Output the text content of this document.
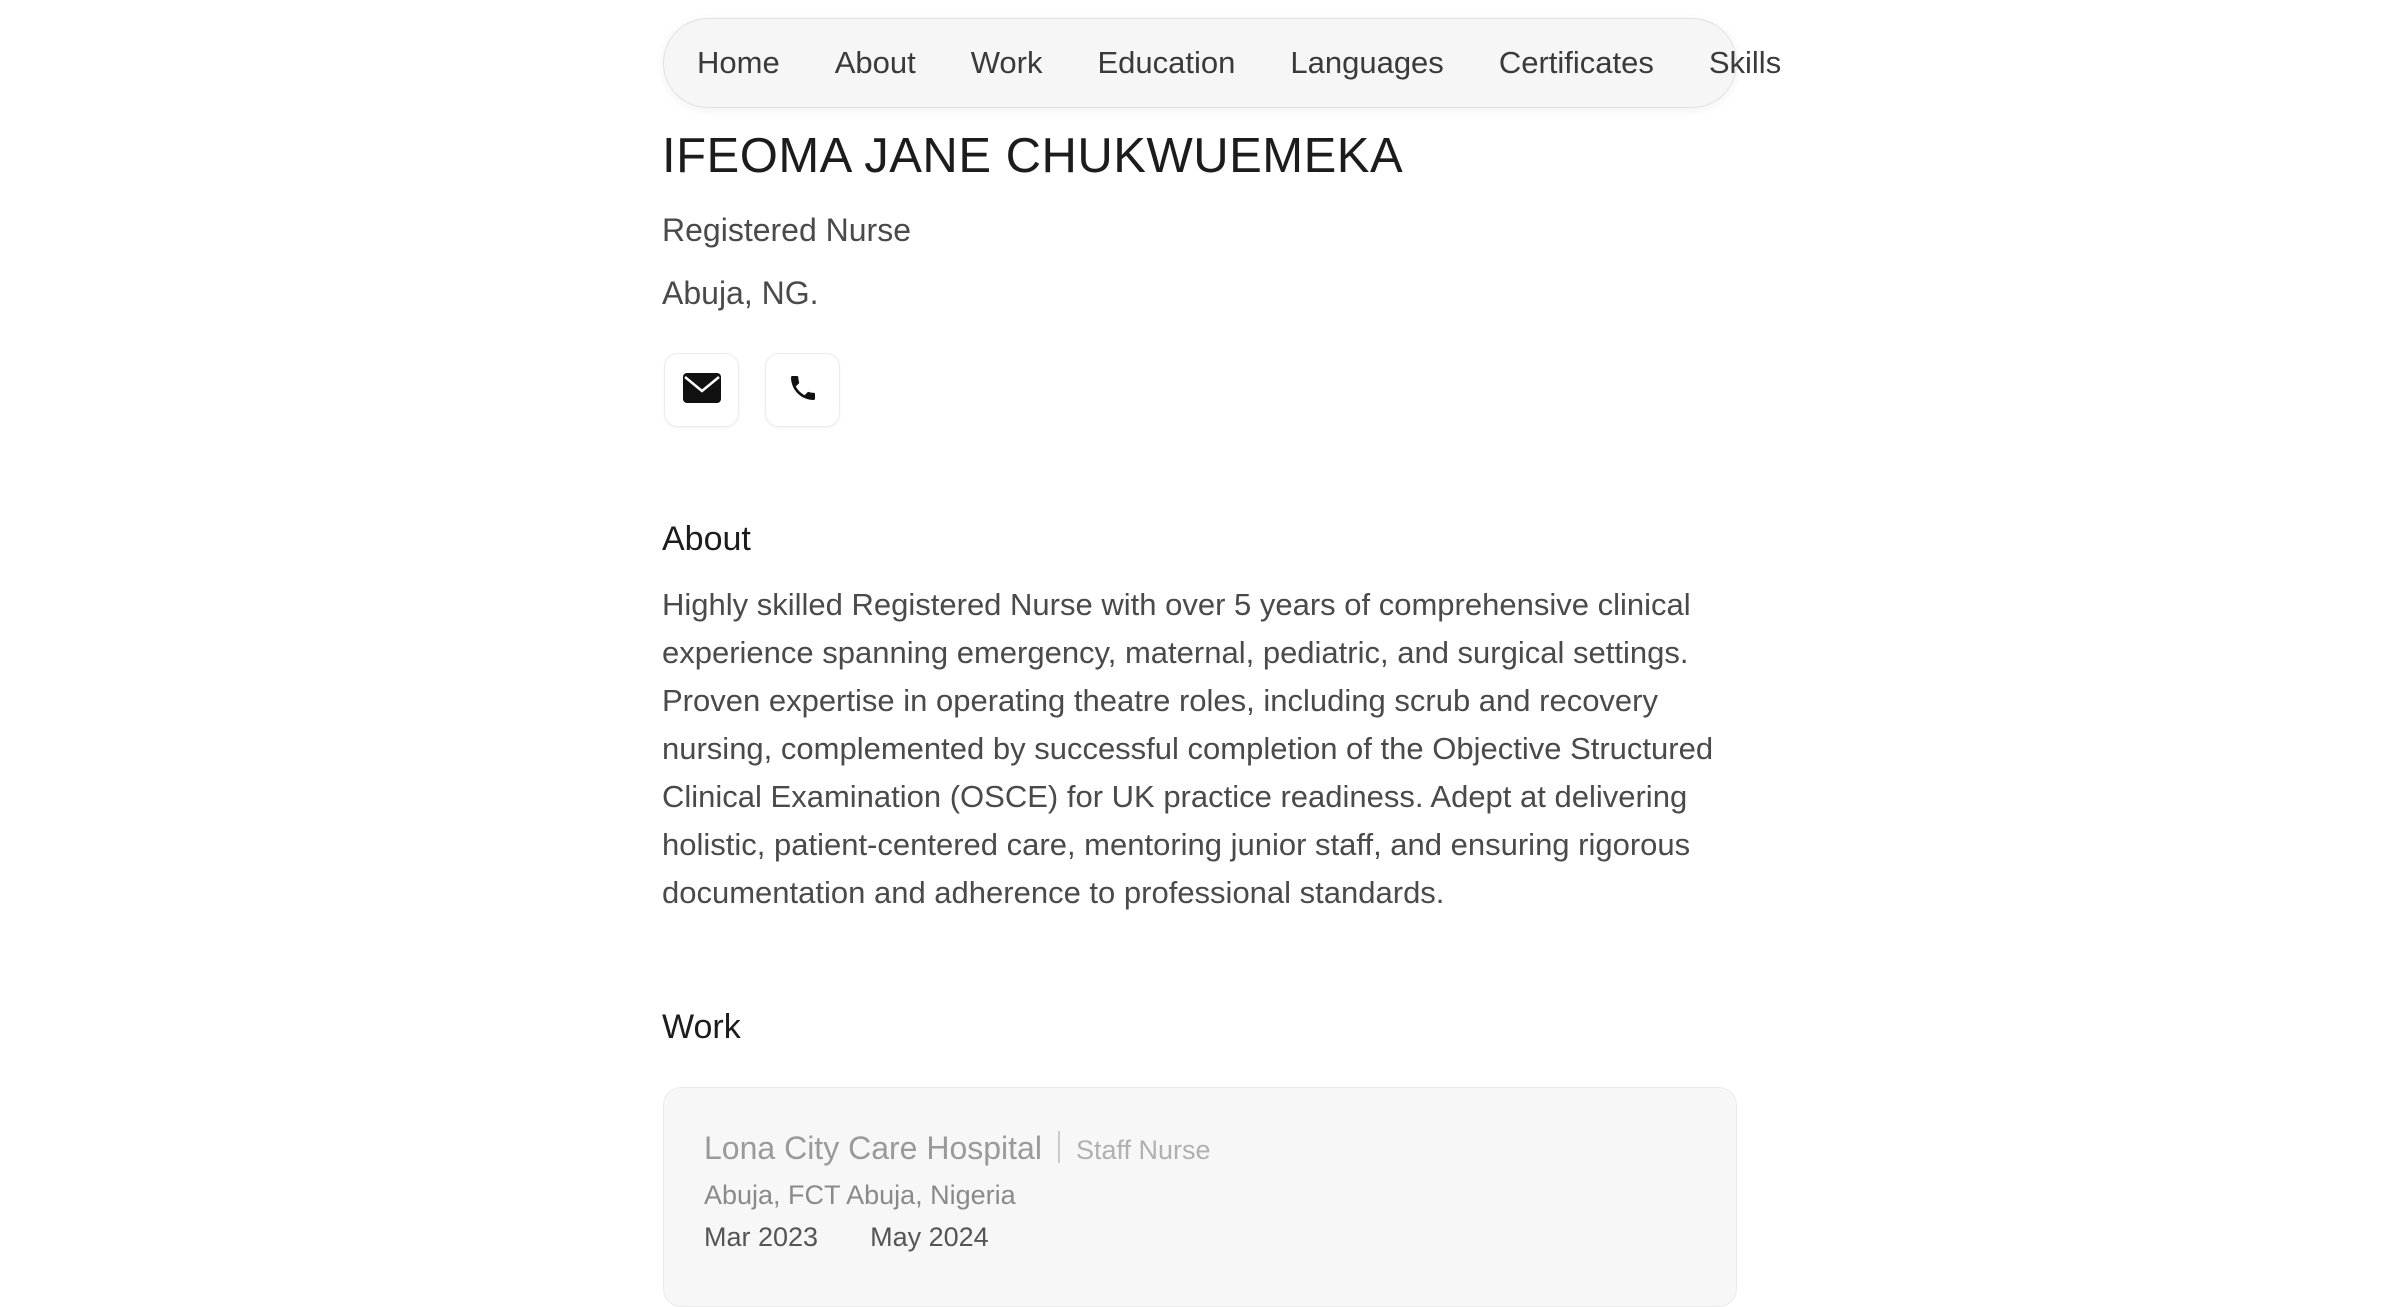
IFEOMA JANE CHUKWUEMEKA
Registered Nurse
Abuja, NG.
About

Highly skilled Registered Nurse with over 5 years of comprehensive clinical experience spanning emergency, maternal, pediatric, and surgical settings. Proven expertise in operating theatre roles, including scrub and recovery nursing, complemented by successful completion of the Objective Structured Clinical Examination (OSCE) for UK practice readiness. Adept at delivering holistic, patient-centered care, mentoring junior staff, and ensuring rigorous documentation and adherence to professional standards.

Work
Lona City Care Hospital Staff Nurse
Abuja, FCT Abuja, Nigeria
Mar 2023 May 2024
Home About Work Education Languages Certificates Skills
